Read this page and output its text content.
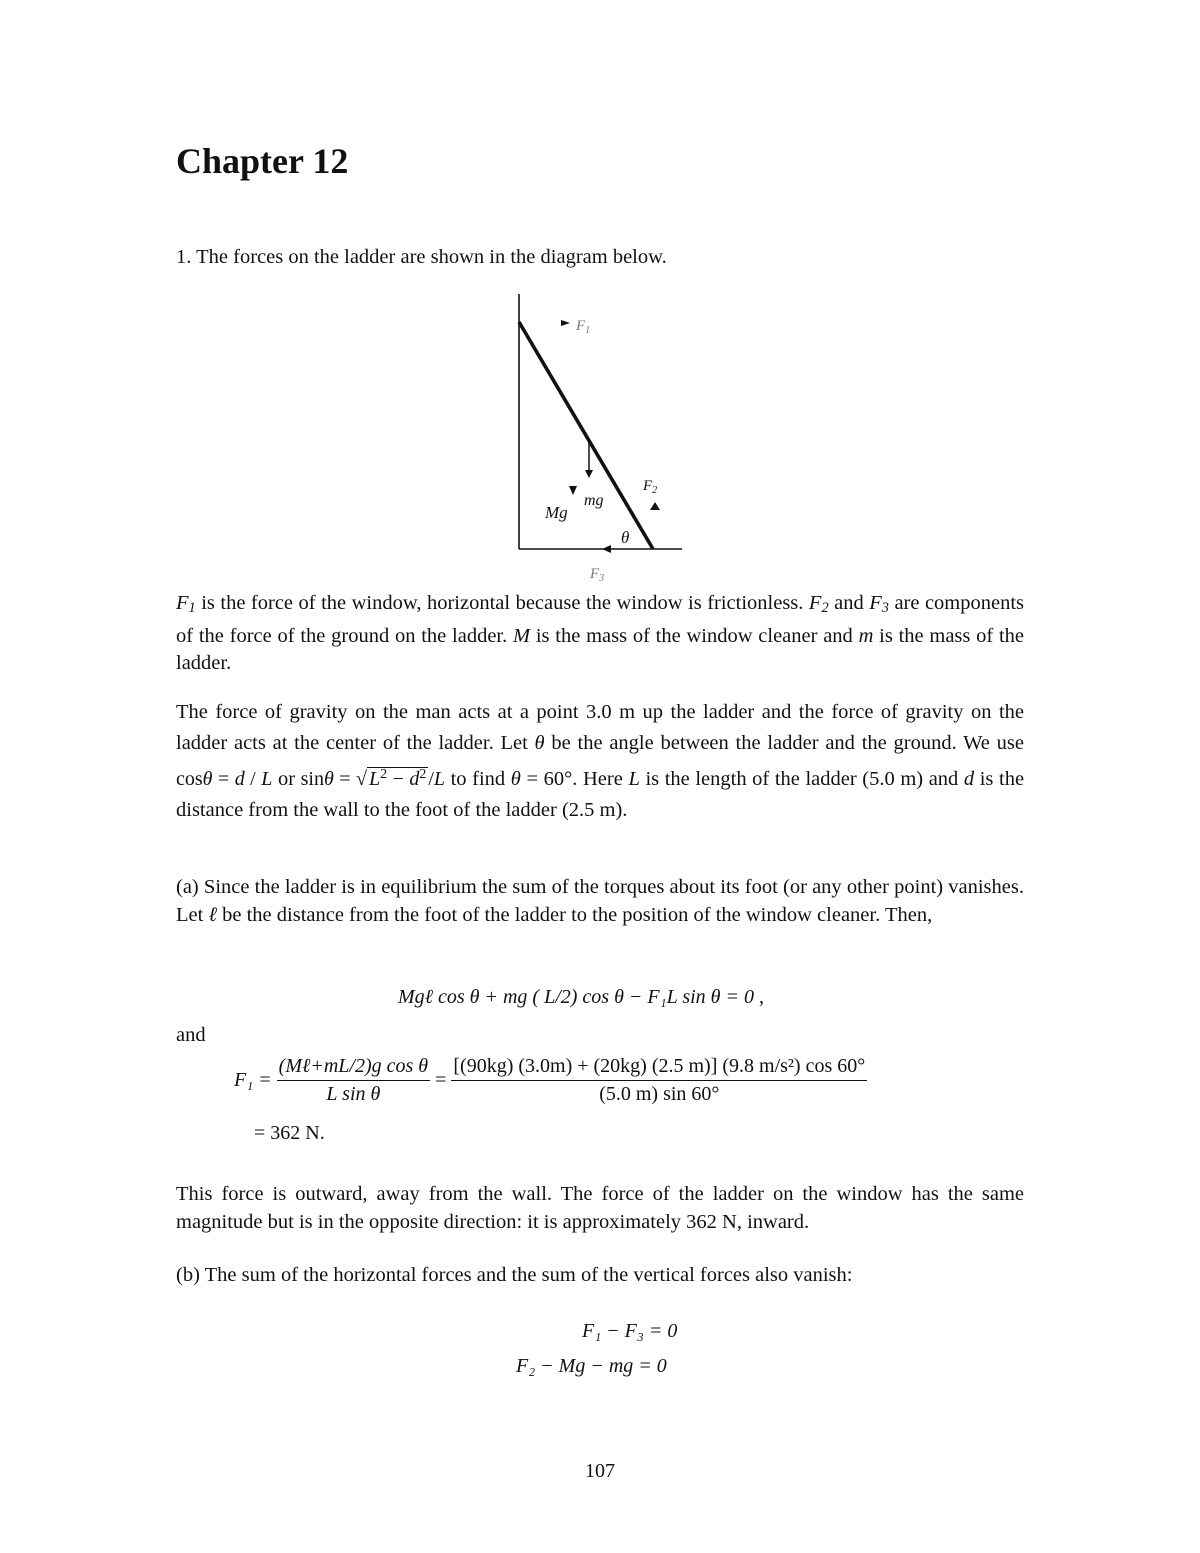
Chapter 12

1. The forces on the ladder are shown in the diagram below.

$F_1$
mg
Mg
$F_2$
θ
$F_3$

$F_1$ is the force of the window, horizontal because the window is frictionless. $F_2$ and $F_3$ are components of the force of the ground on the ladder. M is the mass of the window cleaner and m is the mass of the ladder.

The force of gravity on the man acts at a point 3.0 m up the ladder and the force of gravity on the ladder acts at the center of the ladder. Let θ be the angle between the ladder and the ground. We use cosθ = d / L or sinθ = √ $L^2 - d^2$ /L to find θ = 60°. Here L is the length of the ladder (5.0 m) and d is the distance from the wall to the foot of the ladder (2.5 m).

(a) Since the ladder is in equilibrium the sum of the torques about its foot (or any other point) vanishes. Let ℓ be the distance from the foot of the ladder to the position of the window cleaner. Then,

Mgℓ cos θ + mg ( L/2) cos θ − F₁L sin θ = 0 ,
and
$F_1 = \frac{\text{(Mℓ+mL/2)g cos θ}}{\text{L sin θ}} = \frac{\text{[(90kg) (3.0m) + (20kg) (2.5 m)] (9.8 m/s²) cos 60°}}{(5.0 m) \sin 60^\circ}$
= 362 N.

This force is outward, away from the wall. The force of the ladder on the window has the same magnitude but is in the opposite direction: it is approximately 362 N, inward.

(b) The sum of the horizontal forces and the sum of the vertical forces also vanish:

F₁ − F₃ = 0
F₂ − Mg − mg = 0
107
